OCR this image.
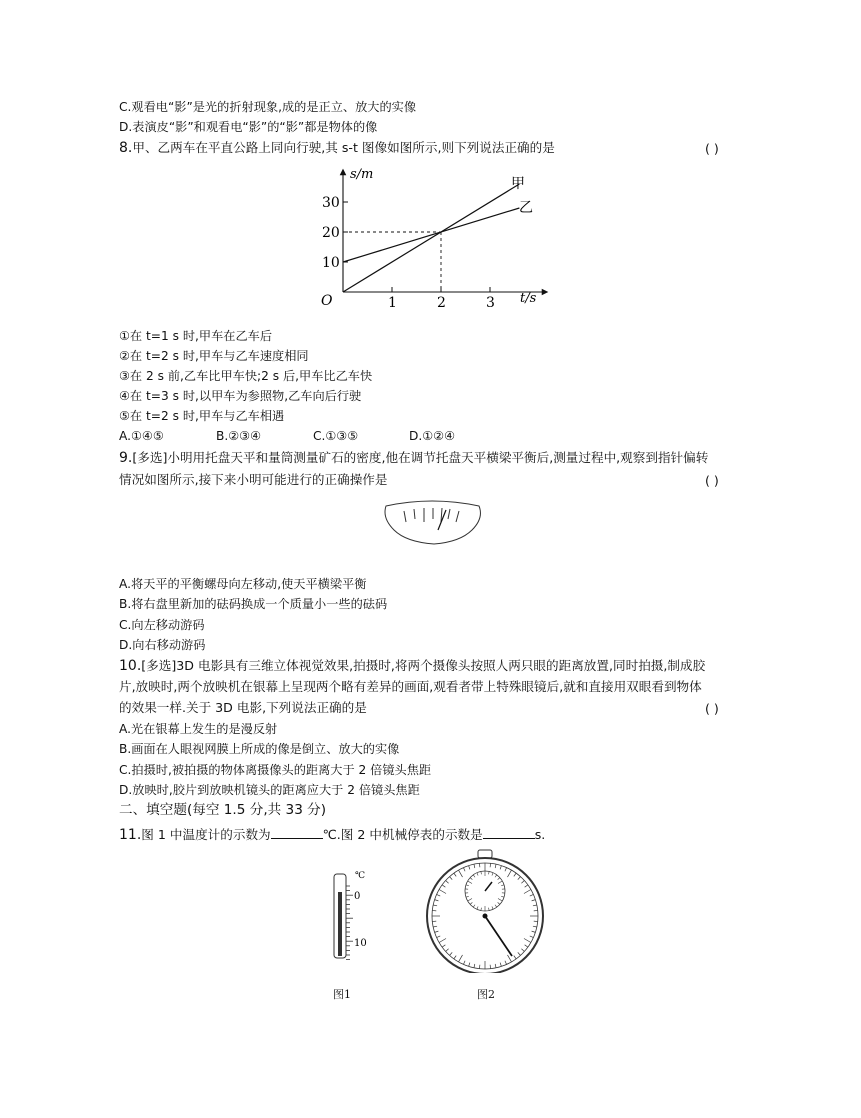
C.观看电“影”是光的折射现象,成的是正立、放大的实像
D.表演皮“影”和观看电“影”的“影”都是物体的像
8.甲、乙两车在平直公路上同向行驶,其 s-t 图像如图所示,则下列说法正确的是	( )
s/m
t/s
O
10
20
30
1	2	3
甲
乙
①在 t=1 s 时,甲车在乙车后
②在 t=2 s 时,甲车与乙车速度相同
③在 2 s 前,乙车比甲车快;2 s 后,甲车比乙车快
④在 t=3 s 时,以甲车为参照物,乙车向后行驶
⑤在 t=2 s 时,甲车与乙车相遇
A.①④⑤	B.②③④	C.①③⑤	D.①②④
9.[多选]小明用托盘天平和量筒测量矿石的密度,他在调节托盘天平横梁平衡后,测量过程中,观察到指针偏转
情况如图所示,接下来小明可能进行的正确操作是	( )
A.将天平的平衡螺母向左移动,使天平横梁平衡
B.将右盘里新加的砝码换成一个质量小一些的砝码
C.向左移动游码
D.向右移动游码
10.[多选]3D 电影具有三维立体视觉效果,拍摄时,将两个摄像头按照人两只眼的距离放置,同时拍摄,制成胶
片,放映时,两个放映机在银幕上呈现两个略有差异的画面,观看者带上特殊眼镜后,就和直接用双眼看到物体
的效果一样.关于 3D 电影,下列说法正确的是	( )
A.光在银幕上发生的是漫反射
B.画面在人眼视网膜上所成的像是倒立、放大的实像
C.拍摄时,被拍摄的物体离摄像头的距离大于 2 倍镜头焦距
D.放映时,胶片到放映机镜头的距离应大于 2 倍镜头焦距
二、填空题(每空 1.5 分,共 33 分)
11.图 1 中温度计的示数为	℃.图 2 中机械停表的示数是	s.
℃
0
10
图1	图2
